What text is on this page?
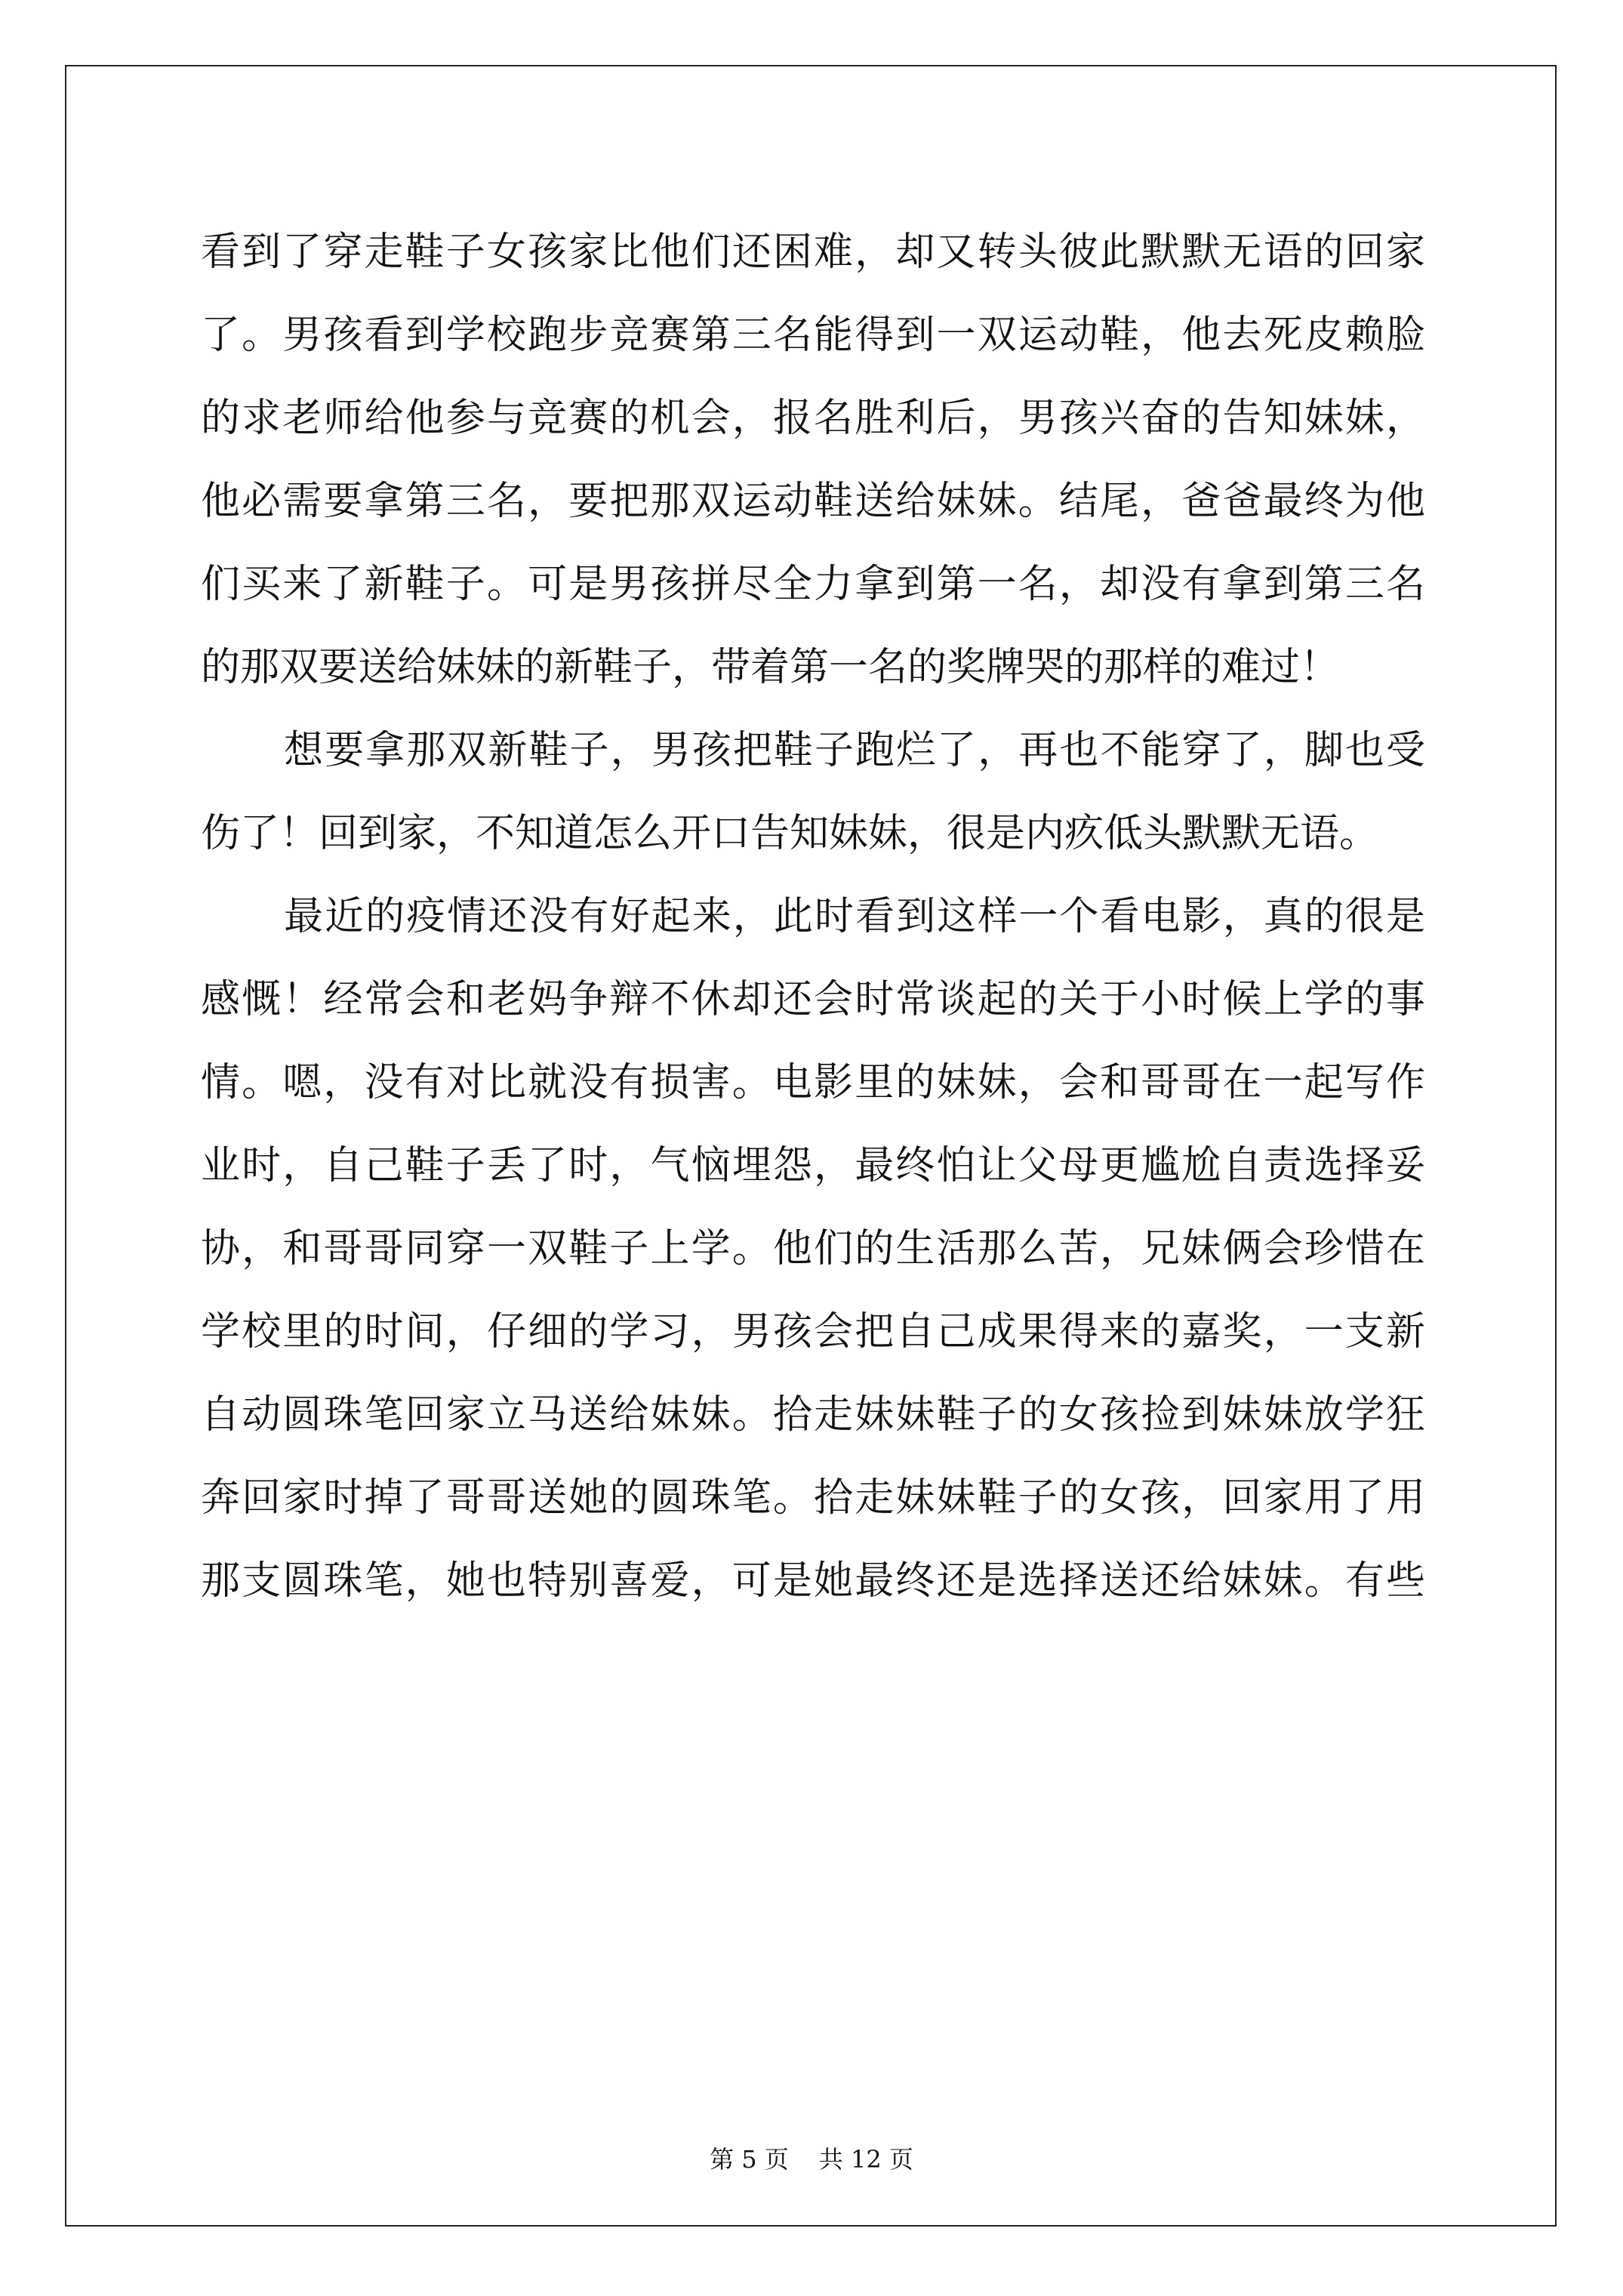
看到了穿走鞋子女孩家比他们还困难，却又转头彼此默默无语的回家
了。男孩看到学校跑步竞赛第三名能得到一双运动鞋，他去死皮赖脸
的求老师给他参与竞赛的机会，报名胜利后，男孩兴奋的告知妹妹，
他必需要拿第三名，要把那双运动鞋送给妹妹。结尾，爸爸最终为他
们买来了新鞋子。可是男孩拼尽全力拿到第一名，却没有拿到第三名
的那双要送给妹妹的新鞋子，带着第一名的奖牌哭的那样的难过！
想要拿那双新鞋子，男孩把鞋子跑烂了，再也不能穿了，脚也受
伤了！回到家，不知道怎么开口告知妹妹，很是内疚低头默默无语。
最近的疫情还没有好起来，此时看到这样一个看电影，真的很是
感慨！经常会和老妈争辩不休却还会时常谈起的关于小时候上学的事
情。嗯，没有对比就没有损害。电影里的妹妹，会和哥哥在一起写作
业时，自己鞋子丢了时，气恼埋怨，最终怕让父母更尴尬自责选择妥
协，和哥哥同穿一双鞋子上学。他们的生活那么苦，兄妹俩会珍惜在
学校里的时间，仔细的学习，男孩会把自己成果得来的嘉奖，一支新
自动圆珠笔回家立马送给妹妹。拾走妹妹鞋子的女孩捡到妹妹放学狂
奔回家时掉了哥哥送她的圆珠笔。拾走妹妹鞋子的女孩，回家用了用
那支圆珠笔，她也特别喜爱，可是她最终还是选择送还给妹妹。有些
第 5 页 共 12 页
